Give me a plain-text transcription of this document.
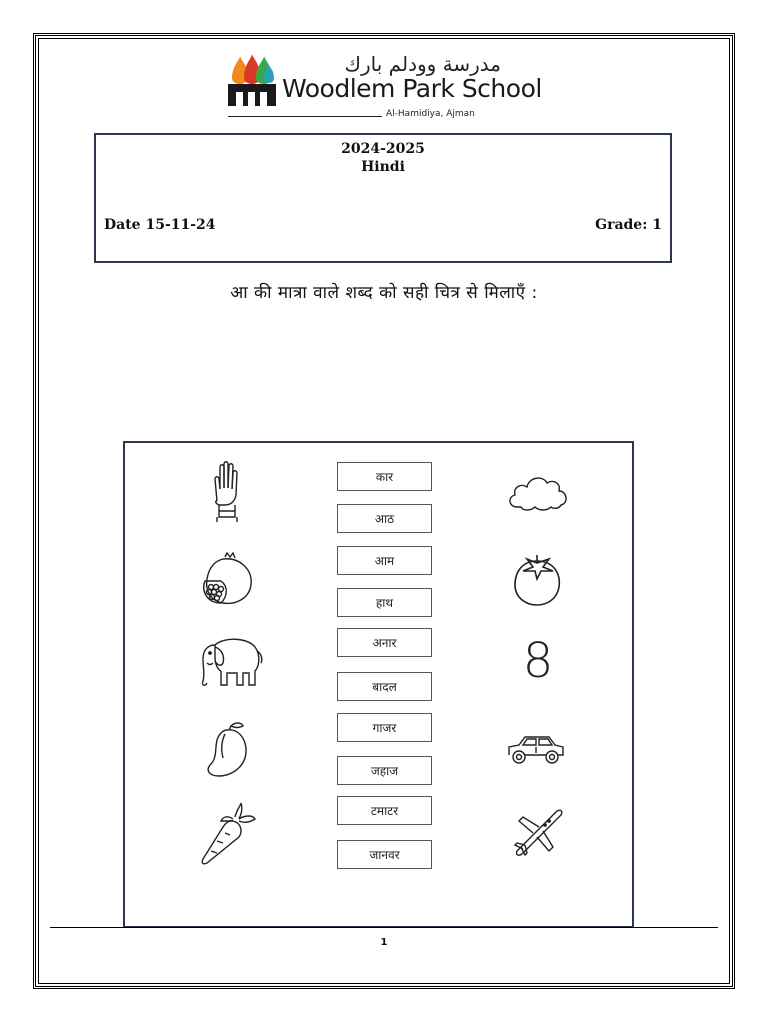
مدرسة وودلم بارك
Woodlem Park School
Al-Hamidiya, Ajman
2024-2025
Hindi
Date 15-11-24	Grade: 1
आ की मात्रा वाले शब्द को सही चित्र से मिलाएँ :
कार
आठ
आम
हाथ
अनार
बादल
गाजर
जहाज
टमाटर
जानवर
8
1
